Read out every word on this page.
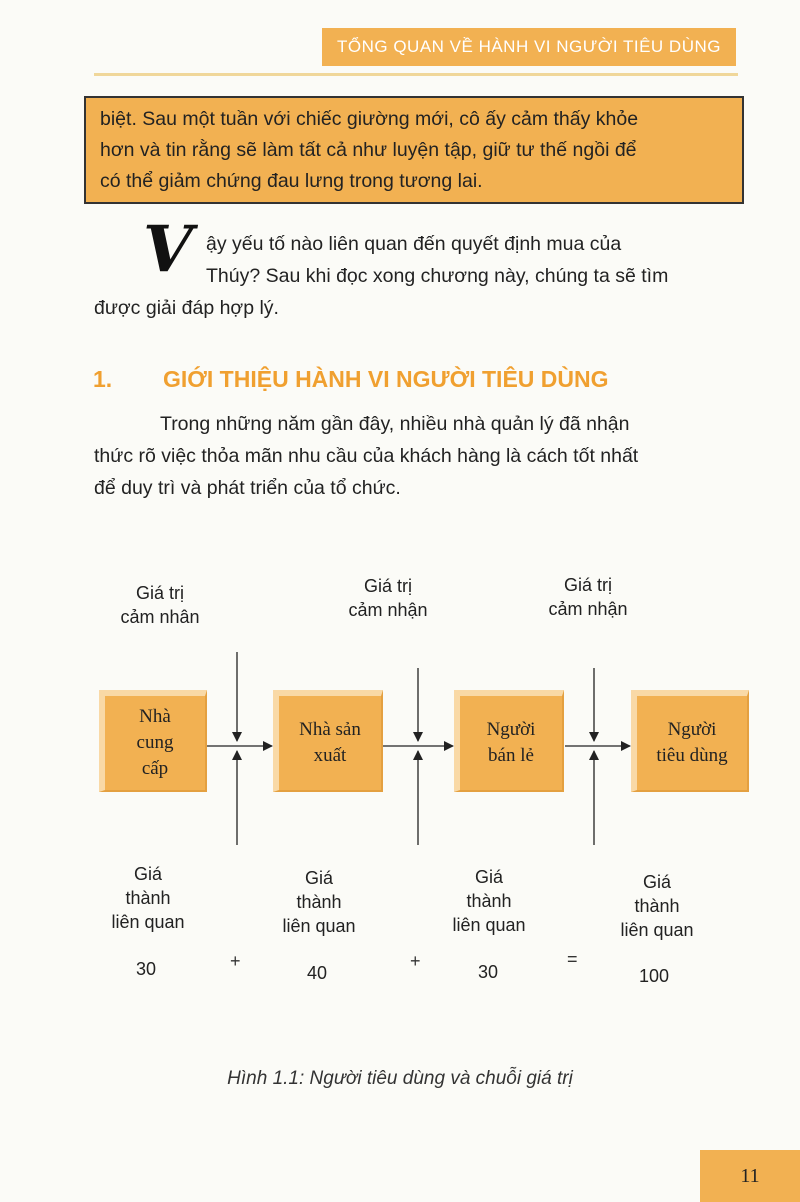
TỔNG QUAN VỀ HÀNH VI NGƯỜI TIÊU DÙNG
biệt. Sau một tuần với chiếc giường mới, cô ấy cảm thấy khỏe
hơn và tin rằng sẽ làm tất cả như luyện tập, giữ tư thế ngồi để
có thể giảm chứng đau lưng trong tương lai.
V ậy yếu tố nào liên quan đến quyết định mua của
Thúy? Sau khi đọc xong chương này, chúng ta sẽ tìm
được giải đáp hợp lý.
1. GIỚI THIỆU HÀNH VI NGƯỜI TIÊU DÙNG
Trong những năm gần đây, nhiều nhà quản lý đã nhận
thức rõ việc thỏa mãn nhu cầu của khách hàng là cách tốt nhất
để duy trì và phát triển của tổ chức.
Giá trị
cảm nhân
Giá trị
cảm nhận
Giá trị
cảm nhận
Nhà
cung
cấp
Nhà sản
xuất
Người
bán lẻ
Người
tiêu dùng
Giá
thành
liên quan
Giá
thành
liên quan
Giá
thành
liên quan
Giá
thành
liên quan
30	+
40
+
30
=
100
Hình 1.1: Người tiêu dùng và chuỗi giá trị
11
